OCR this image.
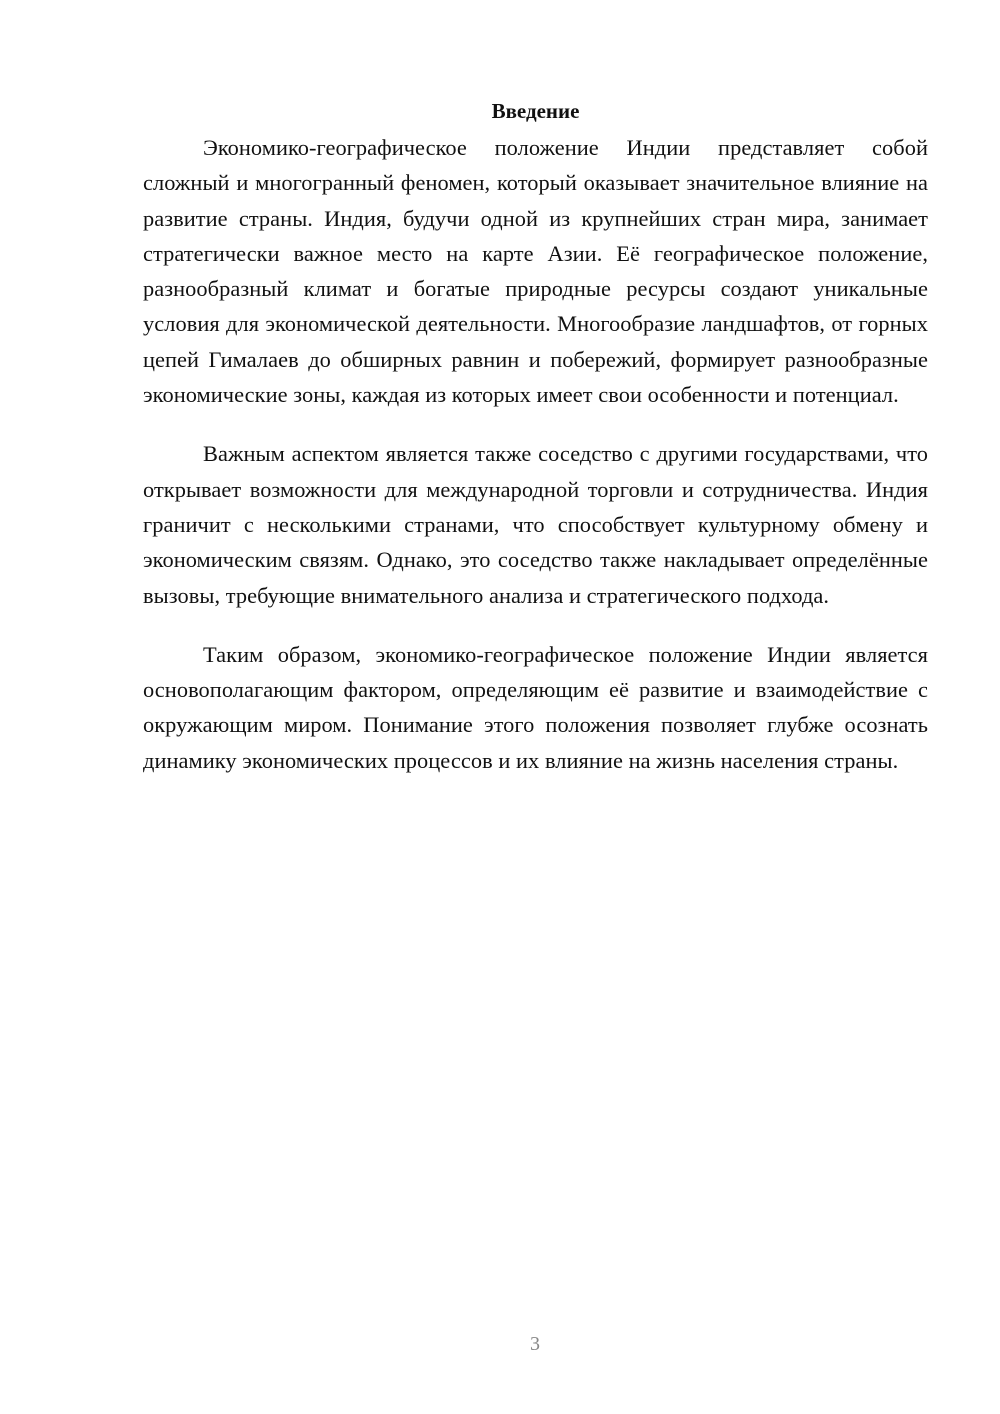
Введение

Экономико-географическое положение Индии представляет собой сложный и многогранный феномен, который оказывает значительное влияние на развитие страны. Индия, будучи одной из крупнейших стран мира, занимает стратегически важное место на карте Азии. Её географическое положение, разнообразный климат и богатые природные ресурсы создают уникальные условия для экономической деятельности. Многообразие ландшафтов, от горных цепей Гималаев до обширных равнин и побережий, формирует разнообразные экономические зоны, каждая из которых имеет свои особенности и потенциал.

Важным аспектом является также соседство с другими государствами, что открывает возможности для международной торговли и сотрудничества. Индия граничит с несколькими странами, что способствует культурному обмену и экономическим связям. Однако, это соседство также накладывает определённые вызовы, требующие внимательного анализа и стратегического подхода.

Таким образом, экономико-географическое положение Индии является основополагающим фактором, определяющим её развитие и взаимодействие с окружающим миром. Понимание этого положения позволяет глубже осознать динамику экономических процессов и их влияние на жизнь населения страны.

3
